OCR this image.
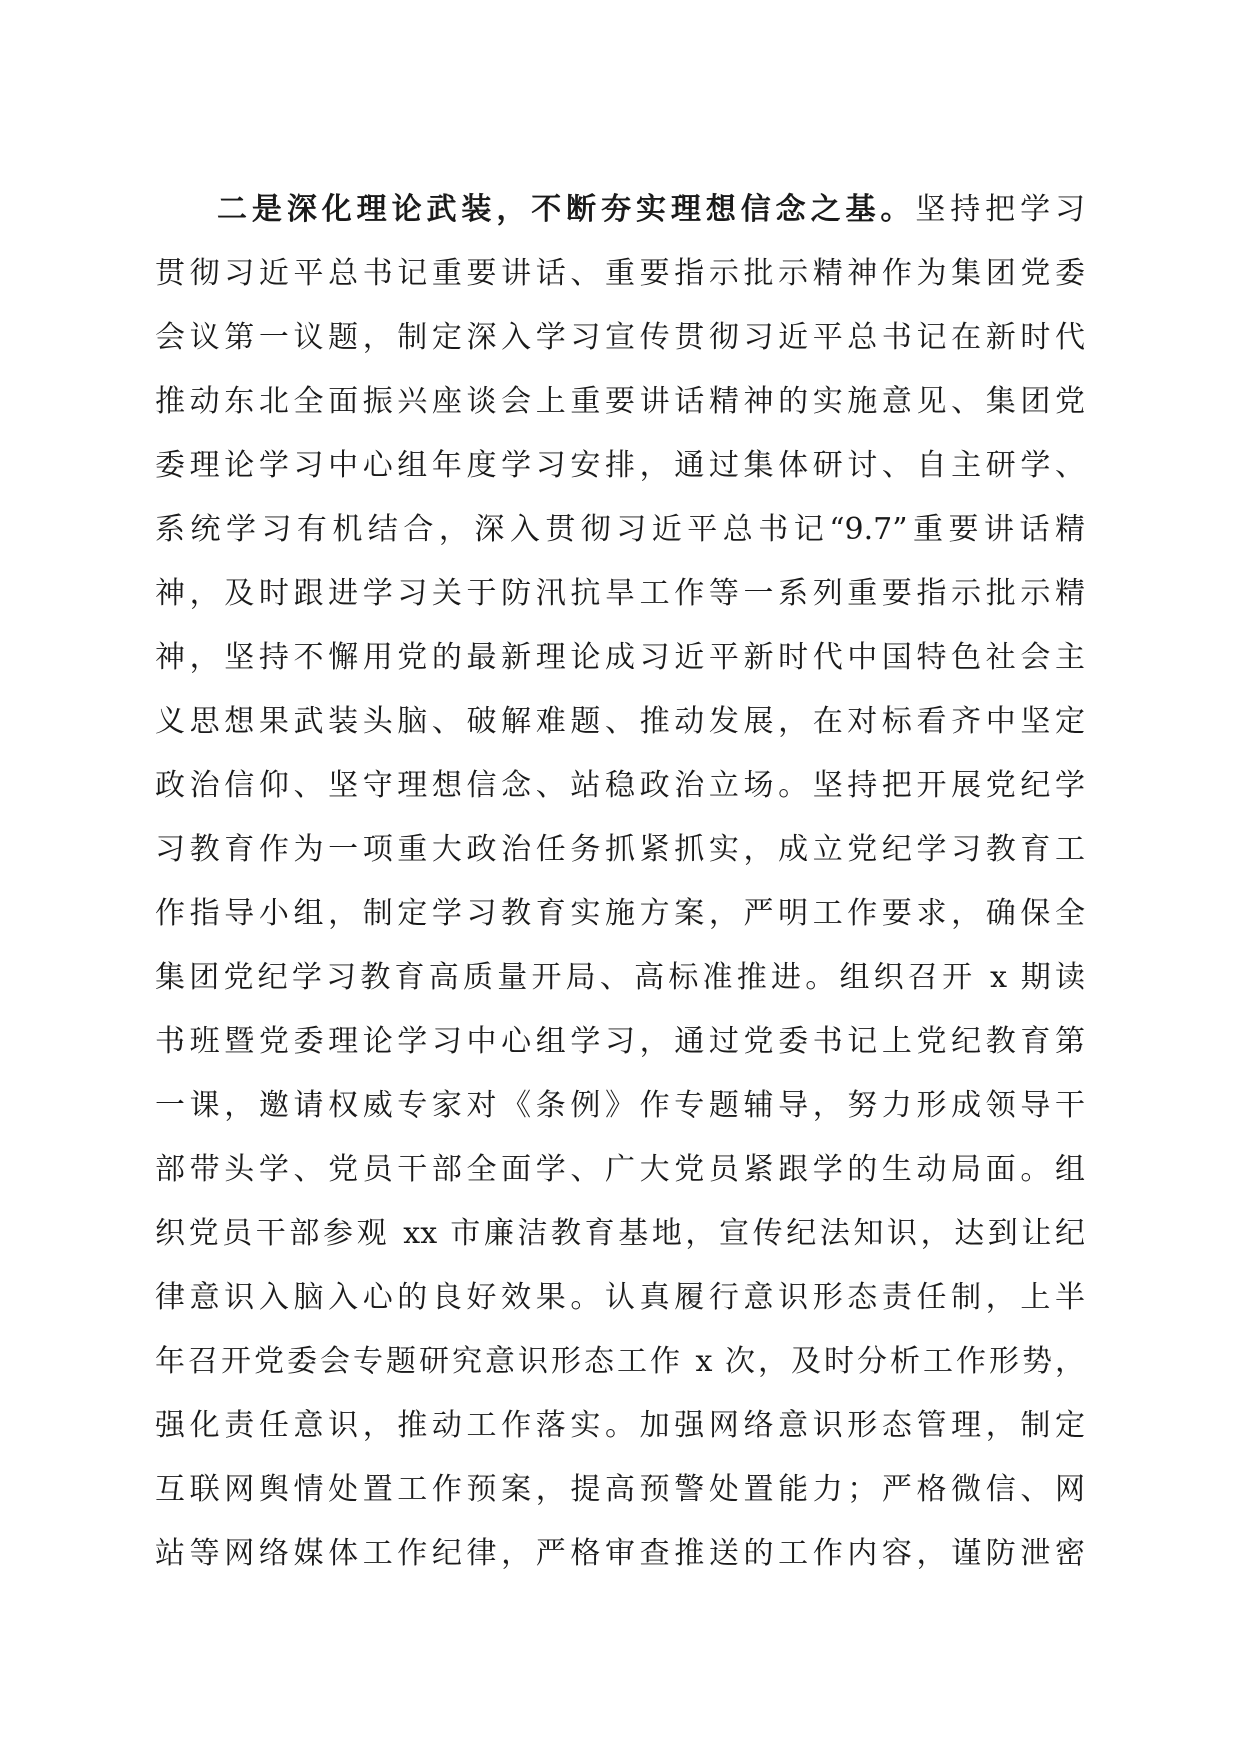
二是深化理论武装，不断夯实理想信念之基。坚持把学习
贯彻习近平总书记重要讲话、重要指示批示精神作为集团党委
会议第一议题，制定深入学习宣传贯彻习近平总书记在新时代
推动东北全面振兴座谈会上重要讲话精神的实施意见、集团党
委理论学习中心组年度学习安排，通过集体研讨、自主研学、
系统学习有机结合，深入贯彻习近平总书记“9.7”重要讲话精
神，及时跟进学习关于防汛抗旱工作等一系列重要指示批示精
神，坚持不懈用党的最新理论成习近平新时代中国特色社会主
义思想果武装头脑、破解难题、推动发展，在对标看齐中坚定
政治信仰、坚守理想信念、站稳政治立场。坚持把开展党纪学
习教育作为一项重大政治任务抓紧抓实，成立党纪学习教育工
作指导小组，制定学习教育实施方案，严明工作要求，确保全
集团党纪学习教育高质量开局、高标准推进。组织召开 x 期读
书班暨党委理论学习中心组学习，通过党委书记上党纪教育第
一课，邀请权威专家对《条例》作专题辅导，努力形成领导干
部带头学、党员干部全面学、广大党员紧跟学的生动局面。组
织党员干部参观 xx 市廉洁教育基地，宣传纪法知识，达到让纪
律意识入脑入心的良好效果。认真履行意识形态责任制，上半
年召开党委会专题研究意识形态工作 x 次，及时分析工作形势，
强化责任意识，推动工作落实。加强网络意识形态管理，制定
互联网舆情处置工作预案，提高预警处置能力；严格微信、网
站等网络媒体工作纪律，严格审查推送的工作内容，谨防泄密
